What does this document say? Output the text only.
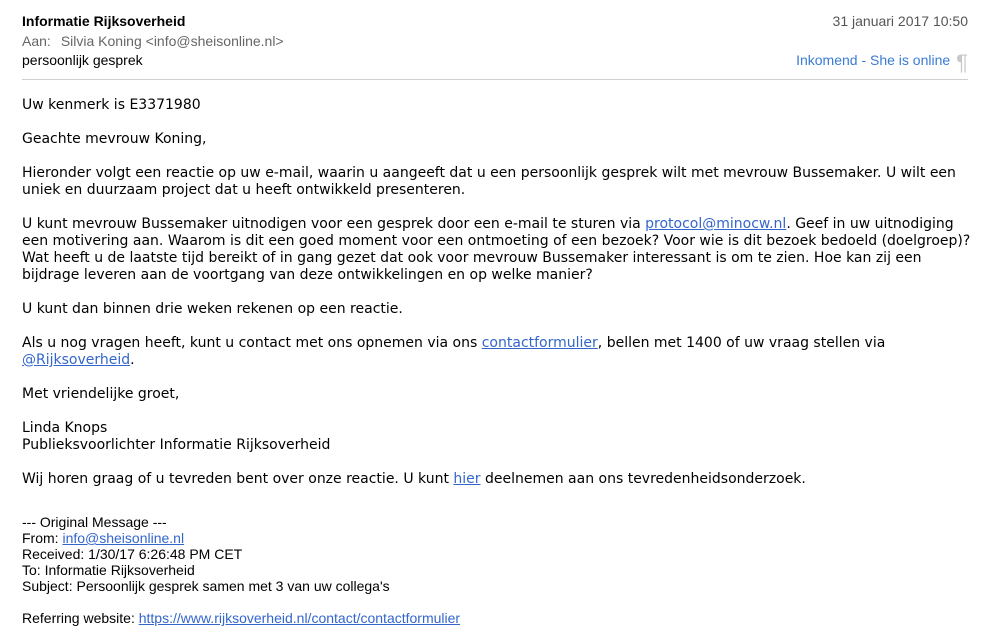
Informatie Rijksoverheid	31 januari 2017 10:50
Aan: Silvia Koning <info@sheisonline.nl>
persoonlijk gesprek	Inkomend - She is online ¶

Uw kenmerk is E3371980

Geachte mevrouw Koning,

Hieronder volgt een reactie op uw e-mail, waarin u aangeeft dat u een persoonlijk gesprek wilt met mevrouw Bussemaker. U wilt een uniek en duurzaam project dat u heeft ontwikkeld presenteren.

U kunt mevrouw Bussemaker uitnodigen voor een gesprek door een e-mail te sturen via protocol@minocw.nl. Geef in uw uitnodiging een motivering aan. Waarom is dit een goed moment voor een ontmoeting of een bezoek? Voor wie is dit bezoek bedoeld (doelgroep)? Wat heeft u de laatste tijd bereikt of in gang gezet dat ook voor mevrouw Bussemaker interessant is om te zien. Hoe kan zij een bijdrage leveren aan de voortgang van deze ontwikkelingen en op welke manier?

U kunt dan binnen drie weken rekenen op een reactie.

Als u nog vragen heeft, kunt u contact met ons opnemen via ons contactformulier, bellen met 1400 of uw vraag stellen via @Rijksoverheid.

Met vriendelijke groet,

Linda Knops
Publieksvoorlichter Informatie Rijksoverheid

Wij horen graag of u tevreden bent over onze reactie. U kunt hier deelnemen aan ons tevredenheidsonderzoek.

--- Original Message ---

From: info@sheisonline.nl

Received: 1/30/17 6:26:48 PM CET

To: Informatie Rijksoverheid

Subject: Persoonlijk gesprek samen met 3 van uw collega's

Referring website: https://www.rijksoverheid.nl/contact/contactformulier
